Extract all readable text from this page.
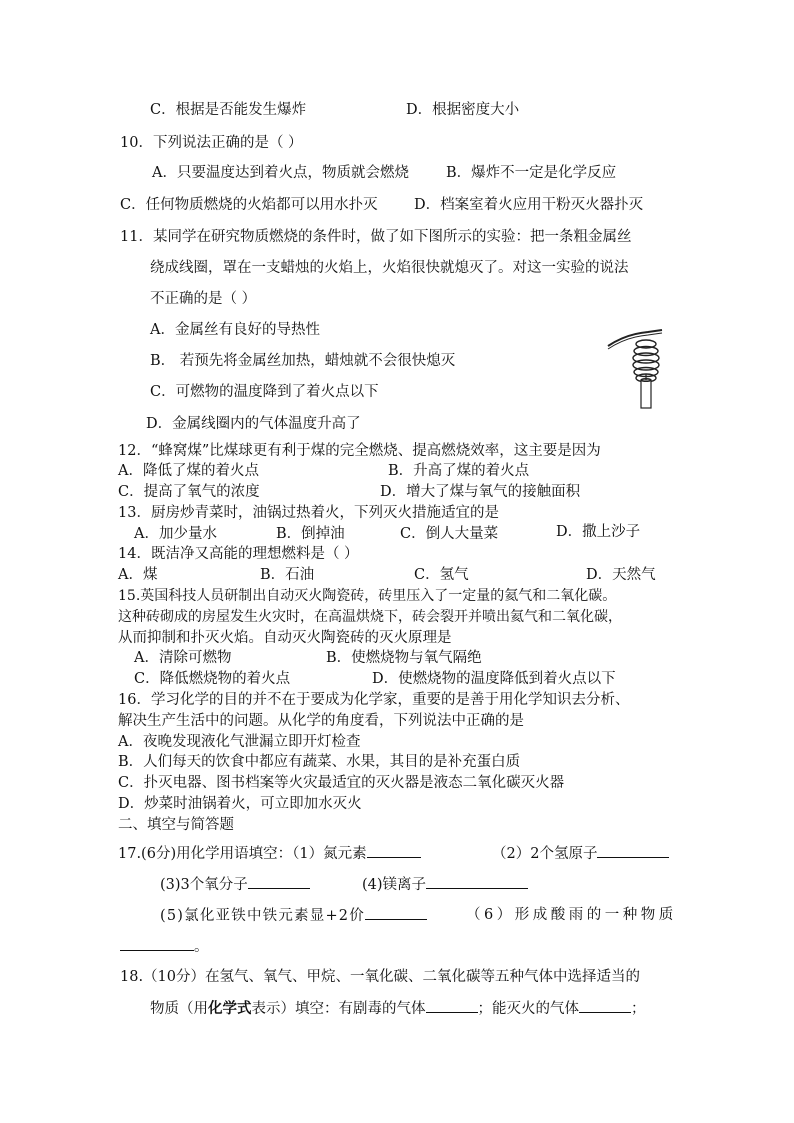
C．根据是否能发生爆炸	D．根据密度大小
10．下列说法正确的是（ ）
A．只要温度达到着火点，物质就会燃烧	B．爆炸不一定是化学反应
C．任何物质燃烧的火焰都可以用水扑灭	D．档案室着火应用干粉灭火器扑灭
11．某同学在研究物质燃烧的条件时，做了如下图所示的实验：把一条粗金属丝
绕成线圈，罩在一支蜡烛的火焰上，火焰很快就熄灭了。对这一实验的说法
不正确的是（ ）
A．金属丝有良好的导热性
B． 若预先将金属丝加热，蜡烛就不会很快熄灭
C．可燃物的温度降到了着火点以下
D．金属线圈内的气体温度升高了
12．“蜂窝煤”比煤球更有利于煤的完全燃烧、提高燃烧效率，这主要是因为
A．降低了煤的着火点	B．升高了煤的着火点
C．提高了氧气的浓度	D．增大了煤与氧气的接触面积
13．厨房炒青菜时，油锅过热着火，下列灭火措施适宜的是
A．加少量水	B．倒掉油	C．倒人大量菜	D．撒上沙子
14．既洁净又高能的理想燃料是（ ）
A．煤	B．石油	C．氢气	D．天然气
15.英国科技人员研制出自动灭火陶瓷砖，砖里压入了一定量的氦气和二氧化碳。
这种砖砌成的房屋发生火灾时，在高温烘烧下，砖会裂开并喷出氦气和二氧化碳，
从而抑制和扑灭火焰。自动灭火陶瓷砖的灭火原理是
A．清除可燃物	B．使燃烧物与氧气隔绝
C．降低燃烧物的着火点	D．使燃烧物的温度降低到着火点以下
16．学习化学的目的并不在于要成为化学家，重要的是善于用化学知识去分析、
解决生产生活中的问题。从化学的角度看，下列说法中正确的是
A．夜晚发现液化气泄漏立即开灯检查
B．人们每天的饮食中都应有蔬菜、水果，其目的是补充蛋白质
C．扑灭电器、图书档案等火灾最适宜的灭火器是液态二氧化碳灭火器
D．炒菜时油锅着火，可立即加水灭火
二、填空与简答题
17.(6分)用化学用语填空：（1）氮元素	（2）2个氢原子
(3)3个氧分子	(4)镁离子
(5)氯化亚铁中铁元素显+2价	（6）形成酸雨的一种物质
。
18.（10分）在氢气、氧气、甲烷、一氧化碳、二氧化碳等五种气体中选择适当的
物质（用化学式表示）填空：有剧毒的气体	；能灭火的气体	；
